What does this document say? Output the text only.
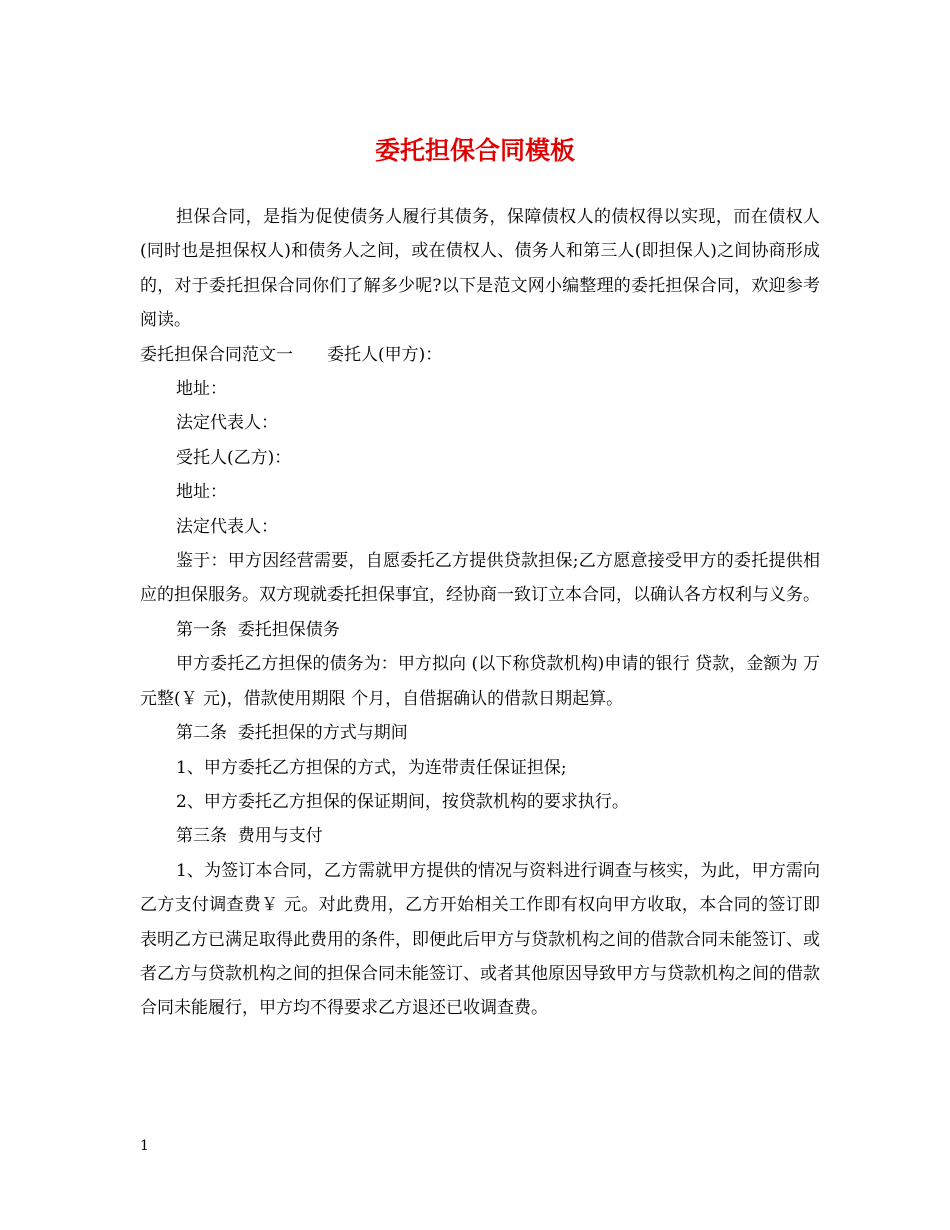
委托担保合同模板

担保合同，是指为促使债务人履行其债务，保障债权人的债权得以实现，而在债权人(同时也是担保权人)和债务人之间，或在债权人、债务人和第三人(即担保人)之间协商形成的，对于委托担保合同你们了解多少呢?以下是范文网小编整理的委托担保合同，欢迎参考阅读。

委托担保合同范文一　　委托人(甲方)：

地址：

法定代表人：

受托人(乙方)：

地址：

法定代表人：

鉴于：甲方因经营需要，自愿委托乙方提供贷款担保;乙方愿意接受甲方的委托提供相应的担保服务。双方现就委托担保事宜，经协商一致订立本合同，以确认各方权利与义务。

第一条  委托担保债务

甲方委托乙方担保的债务为：甲方拟向 (以下称贷款机构)申请的银行 贷款，金额为 万元整(￥ 元)，借款使用期限 个月，自借据确认的借款日期起算。

第二条  委托担保的方式与期间

1、甲方委托乙方担保的方式，为连带责任保证担保;

2、甲方委托乙方担保的保证期间，按贷款机构的要求执行。

第三条  费用与支付

1、为签订本合同，乙方需就甲方提供的情况与资料进行调查与核实，为此，甲方需向乙方支付调查费￥ 元。对此费用，乙方开始相关工作即有权向甲方收取，本合同的签订即表明乙方已满足取得此费用的条件，即便此后甲方与贷款机构之间的借款合同未能签订、或者乙方与贷款机构之间的担保合同未能签订、或者其他原因导致甲方与贷款机构之间的借款合同未能履行，甲方均不得要求乙方退还已收调查费。

1
